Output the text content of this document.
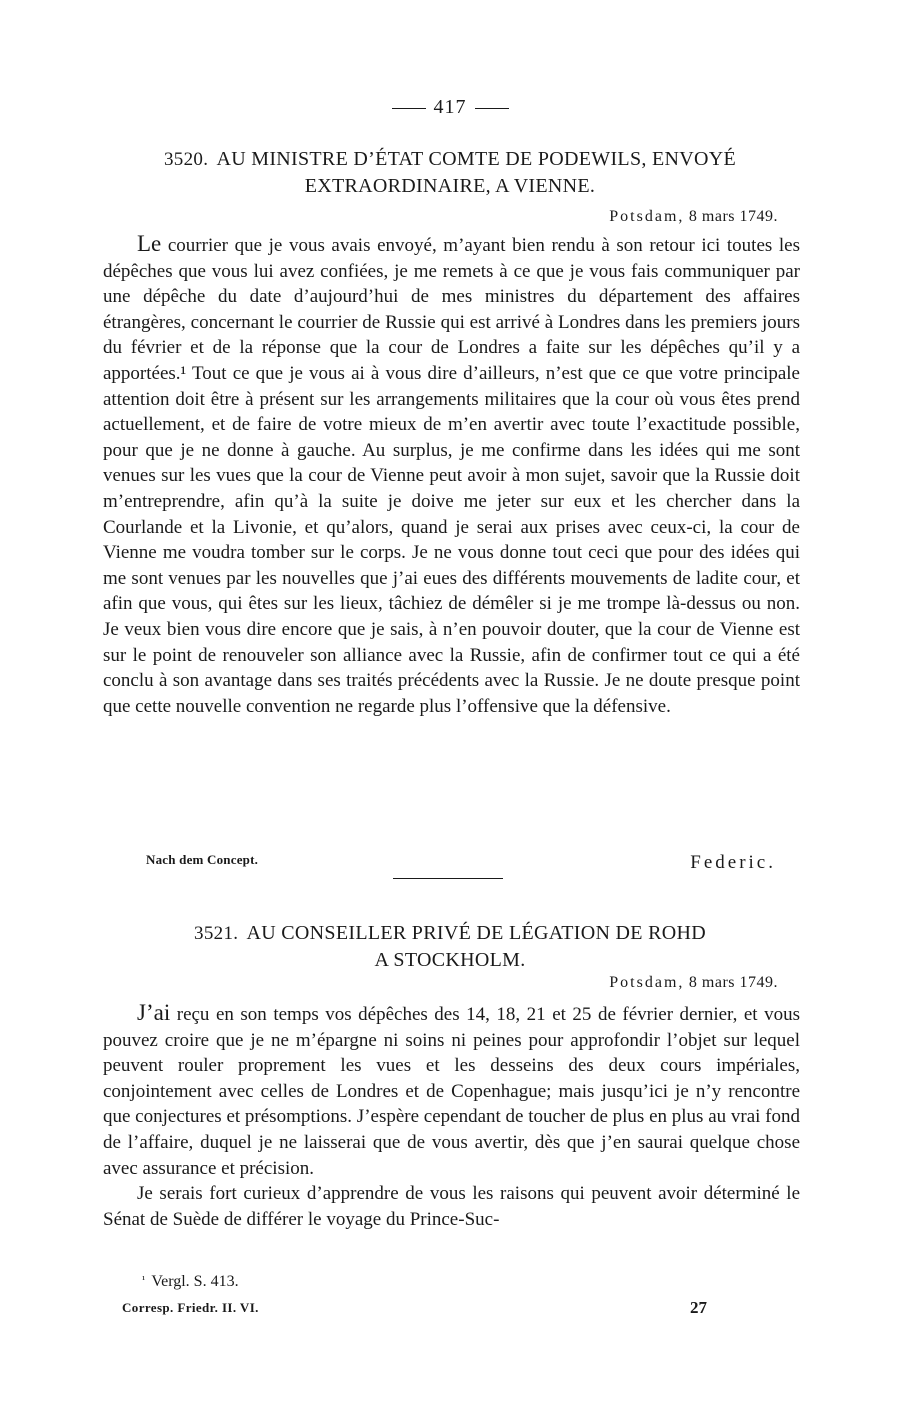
417
3520. AU MINISTRE D’ÉTAT COMTE DE PODEWILS, ENVOYÉ
EXTRAORDINAIRE, A VIENNE.
Potsdam, 8 mars 1749.

Le courrier que je vous avais envoyé, m’ayant bien rendu à son retour ici toutes les dépêches que vous lui avez confiées, je me remets à ce que je vous fais communiquer par une dépêche du date d’aujourd’hui de mes ministres du département des affaires étrangères, concernant le courrier de Russie qui est arrivé à Londres dans les premiers jours du février et de la réponse que la cour de Londres a faite sur les dépêches qu’il y a apportées.¹ Tout ce que je vous ai à vous dire d’ailleurs, n’est que ce que votre principale attention doit être à présent sur les arrangements militaires que la cour où vous êtes prend actuellement, et de faire de votre mieux de m’en avertir avec toute l’exactitude possible, pour que je ne donne à gauche. Au surplus, je me confirme dans les idées qui me sont venues sur les vues que la cour de Vienne peut avoir à mon sujet, savoir que la Russie doit m’entreprendre, afin qu’à la suite je doive me jeter sur eux et les chercher dans la Courlande et la Livonie, et qu’alors, quand je serai aux prises avec ceux-ci, la cour de Vienne me voudra tomber sur le corps. Je ne vous donne tout ceci que pour des idées qui me sont venues par les nouvelles que j’ai eues des différents mouvements de ladite cour, et afin que vous, qui êtes sur les lieux, tâchiez de démêler si je me trompe là-dessus ou non. Je veux bien vous dire encore que je sais, à n’en pouvoir douter, que la cour de Vienne est sur le point de renouveler son alliance avec la Russie, afin de confirmer tout ce qui a été conclu à son avantage dans ses traités précédents avec la Russie. Je ne doute presque point que cette nouvelle convention ne regarde plus l’offensive que la défensive.

Nach dem Concept.	Federic.
3521. AU CONSEILLER PRIVÉ DE LÉGATION DE ROHD
A STOCKHOLM.
Potsdam, 8 mars 1749.

J’ai reçu en son temps vos dépêches des 14, 18, 21 et 25 de février dernier, et vous pouvez croire que je ne m’épargne ni soins ni peines pour approfondir l’objet sur lequel peuvent rouler proprement les vues et les desseins des deux cours impériales, conjointement avec celles de Londres et de Copenhague; mais jusqu’ici je n’y rencontre que conjectures et présomptions. J’espère cependant de toucher de plus en plus au vrai fond de l’affaire, duquel je ne laisserai que de vous avertir, dès que j’en saurai quelque chose avec assurance et précision.

Je serais fort curieux d’apprendre de vous les raisons qui peuvent avoir déterminé le Sénat de Suède de différer le voyage du Prince-Suc-

¹ Vergl. S. 413.
Corresp. Friedr. II. VI.	27
